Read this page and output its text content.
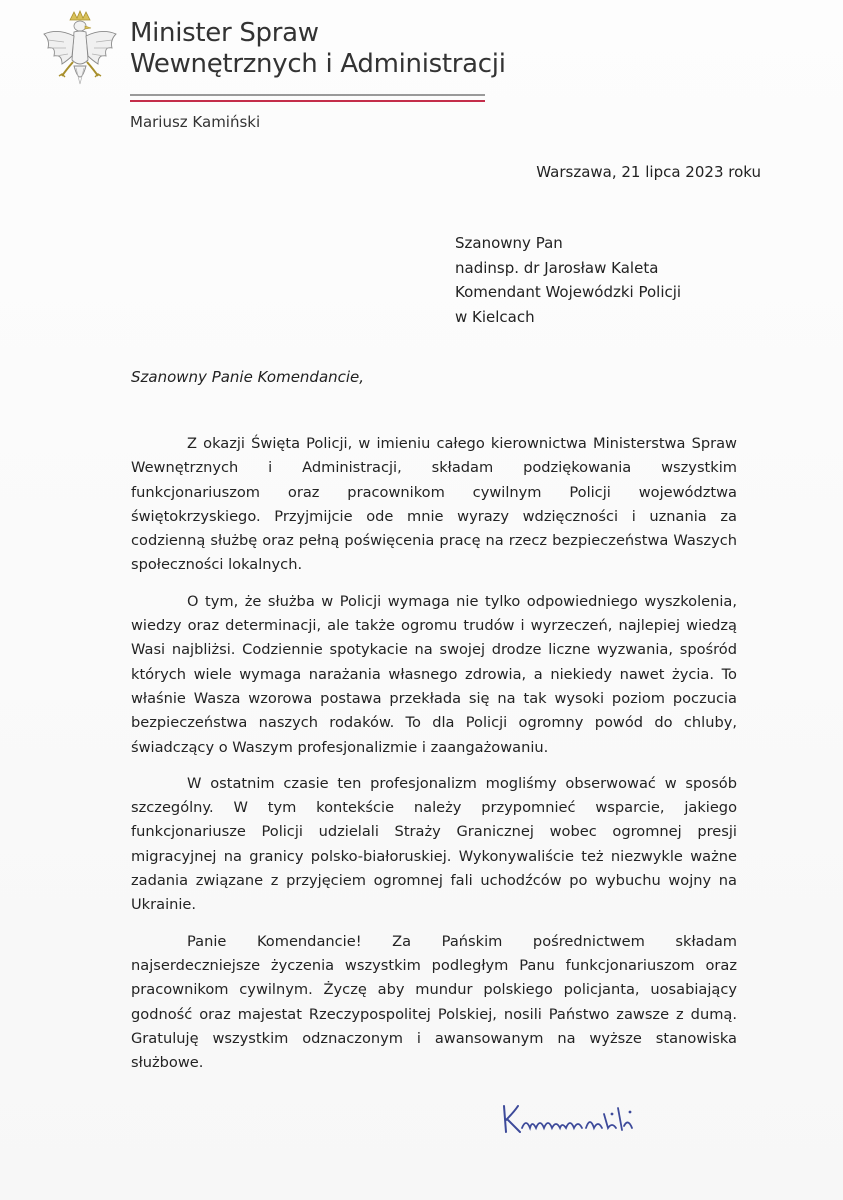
Minister Spraw
Wewnętrznych i Administracji
Mariusz Kamiński
Warszawa, 21 lipca 2023 roku
Szanowny Pan
nadinsp. dr Jarosław Kaleta
Komendant Wojewódzki Policji
w Kielcach
Szanowny Panie Komendancie,

Z okazji Święta Policji, w imieniu całego kierownictwa Ministerstwa Spraw Wewnętrznych i Administracji, składam podziękowania wszystkim funkcjonariuszom oraz pracownikom cywilnym Policji województwa świętokrzyskiego. Przyjmijcie ode mnie wyrazy wdzięczności i uznania za codzienną służbę oraz pełną poświęcenia pracę na rzecz bezpieczeństwa Waszych społeczności lokalnych.

O tym, że służba w Policji wymaga nie tylko odpowiedniego wyszkolenia, wiedzy oraz determinacji, ale także ogromu trudów i wyrzeczeń, najlepiej wiedzą Wasi najbliżsi. Codziennie spotykacie na swojej drodze liczne wyzwania, spośród których wiele wymaga narażania własnego zdrowia, a niekiedy nawet życia. To właśnie Wasza wzorowa postawa przekłada się na tak wysoki poziom poczucia bezpieczeństwa naszych rodaków. To dla Policji ogromny powód do chluby, świadczący o Waszym profesjonalizmie i zaangażowaniu.

W ostatnim czasie ten profesjonalizm mogliśmy obserwować w sposób szczególny. W tym kontekście należy przypomnieć wsparcie, jakiego funkcjonariusze Policji udzielali Straży Granicznej wobec ogromnej presji migracyjnej na granicy polsko-białoruskiej. Wykonywaliście też niezwykle ważne zadania związane z przyjęciem ogromnej fali uchodźców po wybuchu wojny na Ukrainie.

Panie Komendancie! Za Pańskim pośrednictwem składam najserdeczniejsze życzenia wszystkim podległym Panu funkcjonariuszom oraz pracownikom cywilnym. Życzę aby mundur polskiego policjanta, uosabiający godność oraz majestat Rzeczypospolitej Polskiej, nosili Państwo zawsze z dumą. Gratuluję wszystkim odznaczonym i awansowanym na wyższe stanowiska służbowe.
